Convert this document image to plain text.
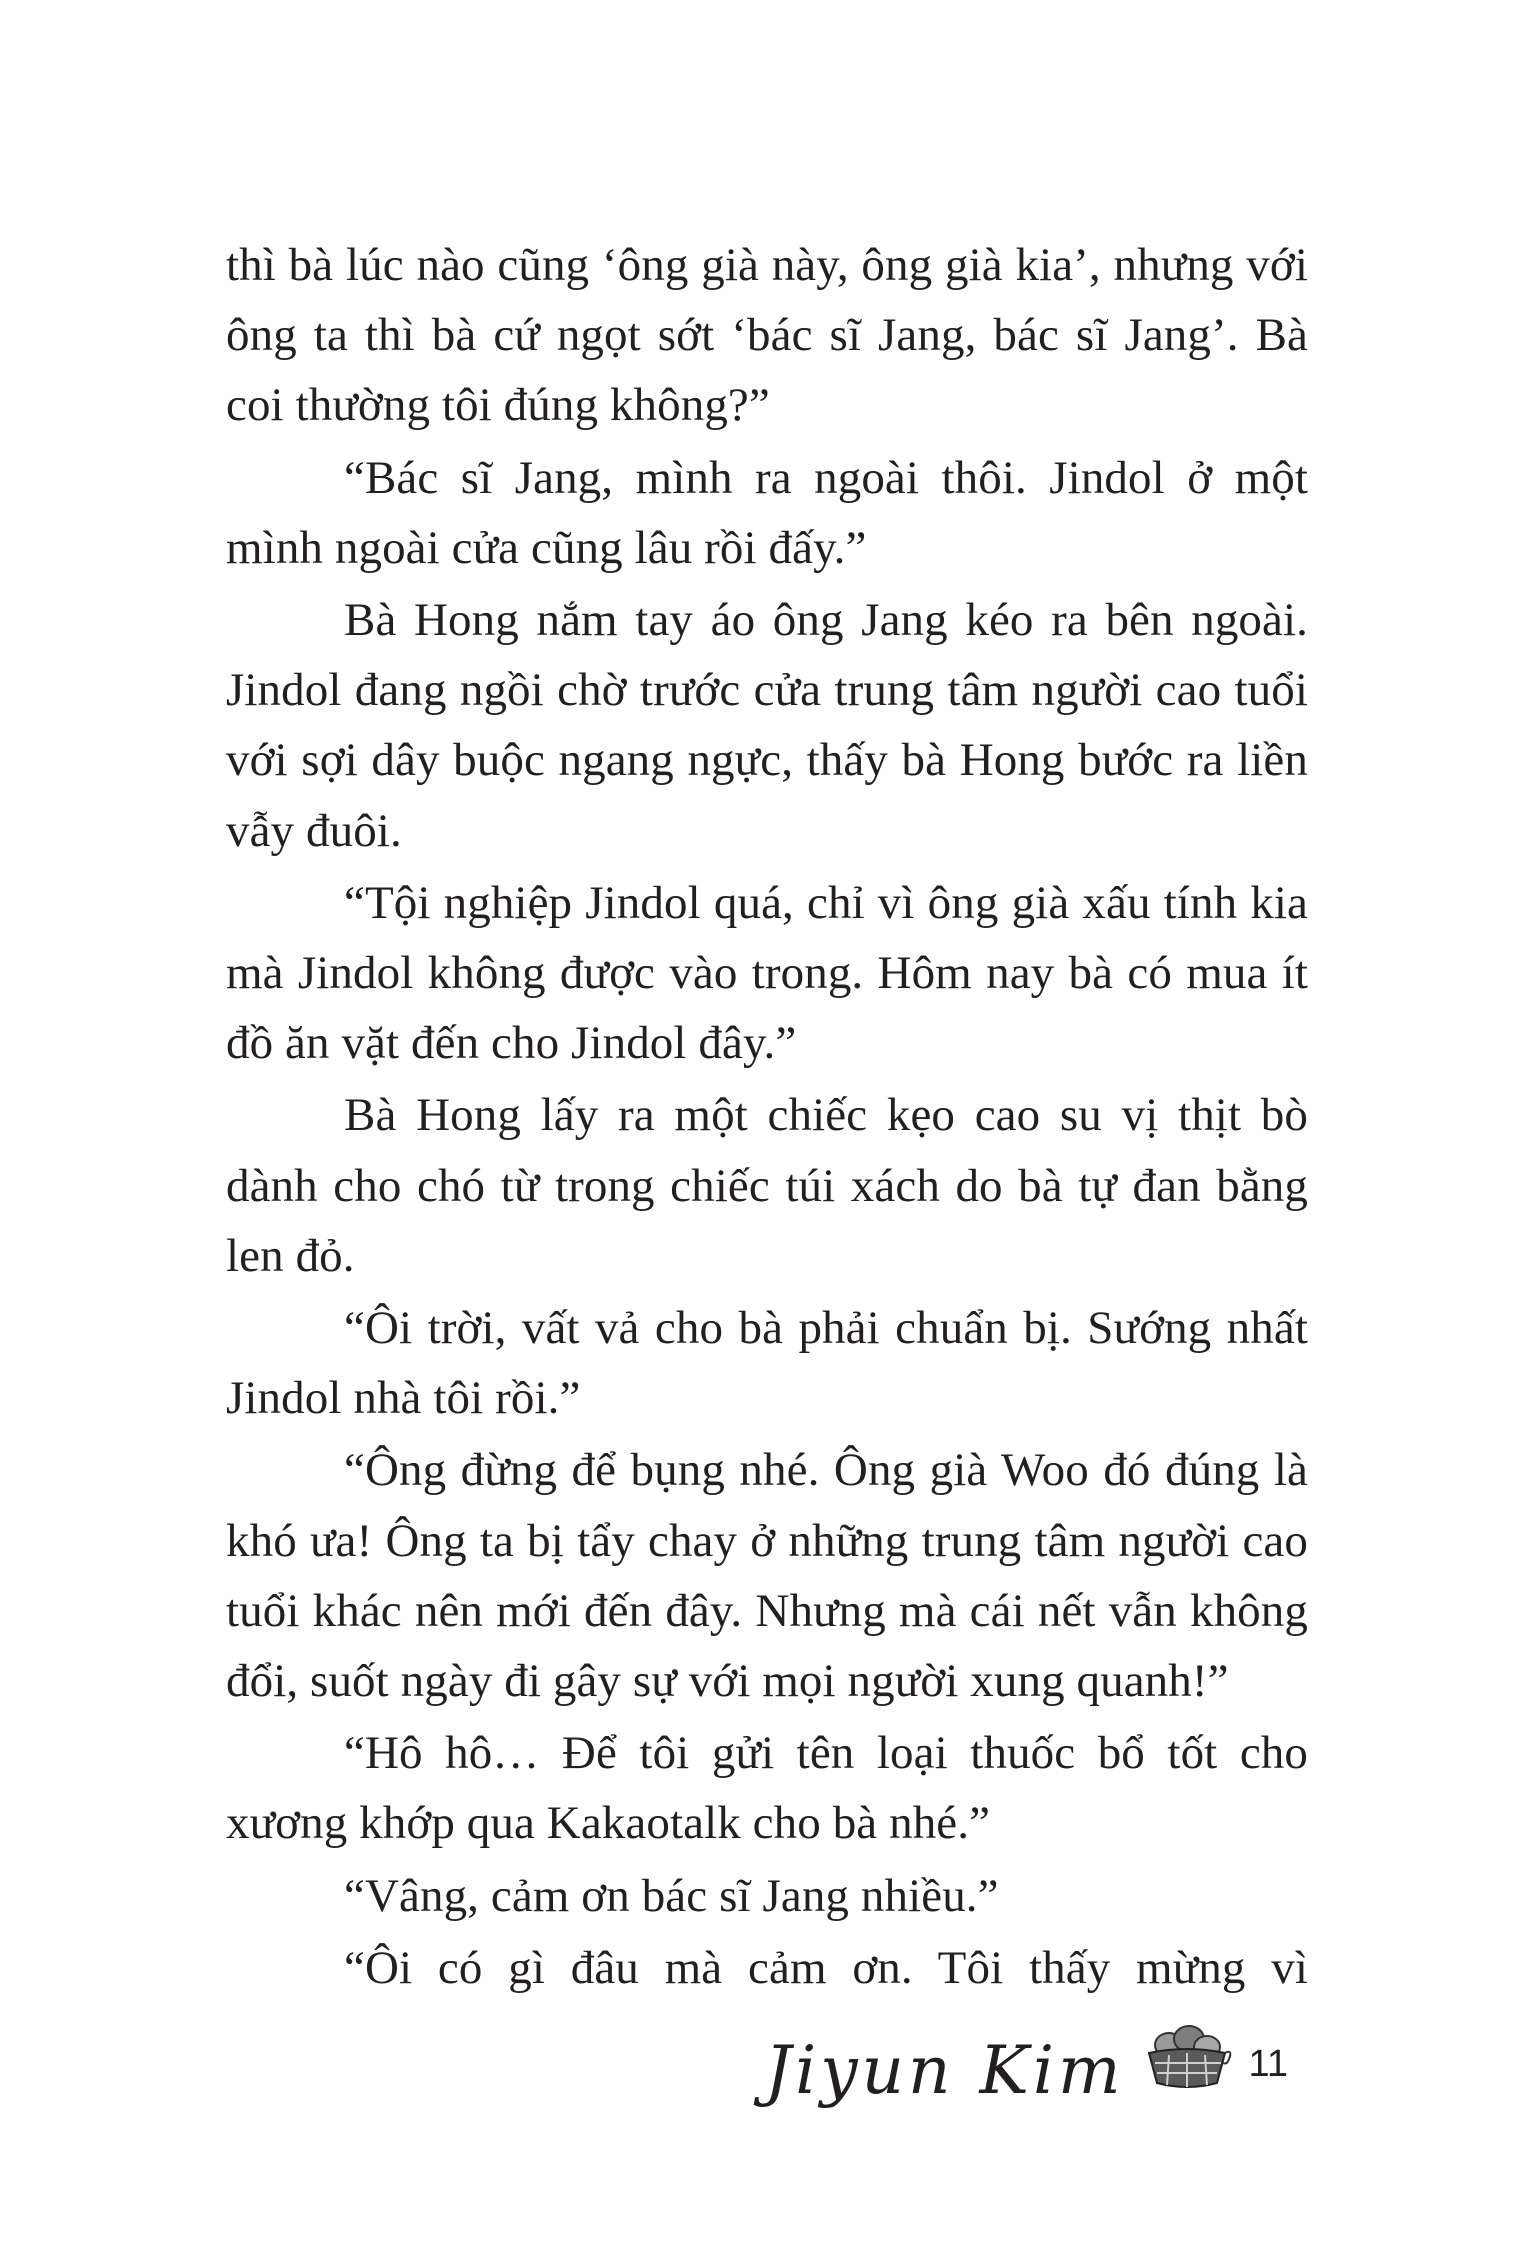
thì bà lúc nào cũng ‘ông già này, ông già kia’, nhưng với ông ta thì bà cứ ngọt sớt ‘bác sĩ Jang, bác sĩ Jang’. Bà coi thường tôi đúng không?”

“Bác sĩ Jang, mình ra ngoài thôi. Jindol ở một mình ngoài cửa cũng lâu rồi đấy.”

Bà Hong nắm tay áo ông Jang kéo ra bên ngoài. Jindol đang ngồi chờ trước cửa trung tâm người cao tuổi với sợi dây buộc ngang ngực, thấy bà Hong bước ra liền vẫy đuôi.

“Tội nghiệp Jindol quá, chỉ vì ông già xấu tính kia mà Jindol không được vào trong. Hôm nay bà có mua ít đồ ăn vặt đến cho Jindol đây.”

Bà Hong lấy ra một chiếc kẹo cao su vị thịt bò dành cho chó từ trong chiếc túi xách do bà tự đan bằng len đỏ.

“Ôi trời, vất vả cho bà phải chuẩn bị. Sướng nhất Jindol nhà tôi rồi.”

“Ông đừng để bụng nhé. Ông già Woo đó đúng là khó ưa! Ông ta bị tẩy chay ở những trung tâm người cao tuổi khác nên mới đến đây. Nhưng mà cái nết vẫn không đổi, suốt ngày đi gây sự với mọi người xung quanh!”

“Hô hô… Để tôi gửi tên loại thuốc bổ tốt cho xương khớp qua Kakaotalk cho bà nhé.”

“Vâng, cảm ơn bác sĩ Jang nhiều.”

“Ôi có gì đâu mà cảm ơn. Tôi thấy mừng vì

Jiyun Kim	11
